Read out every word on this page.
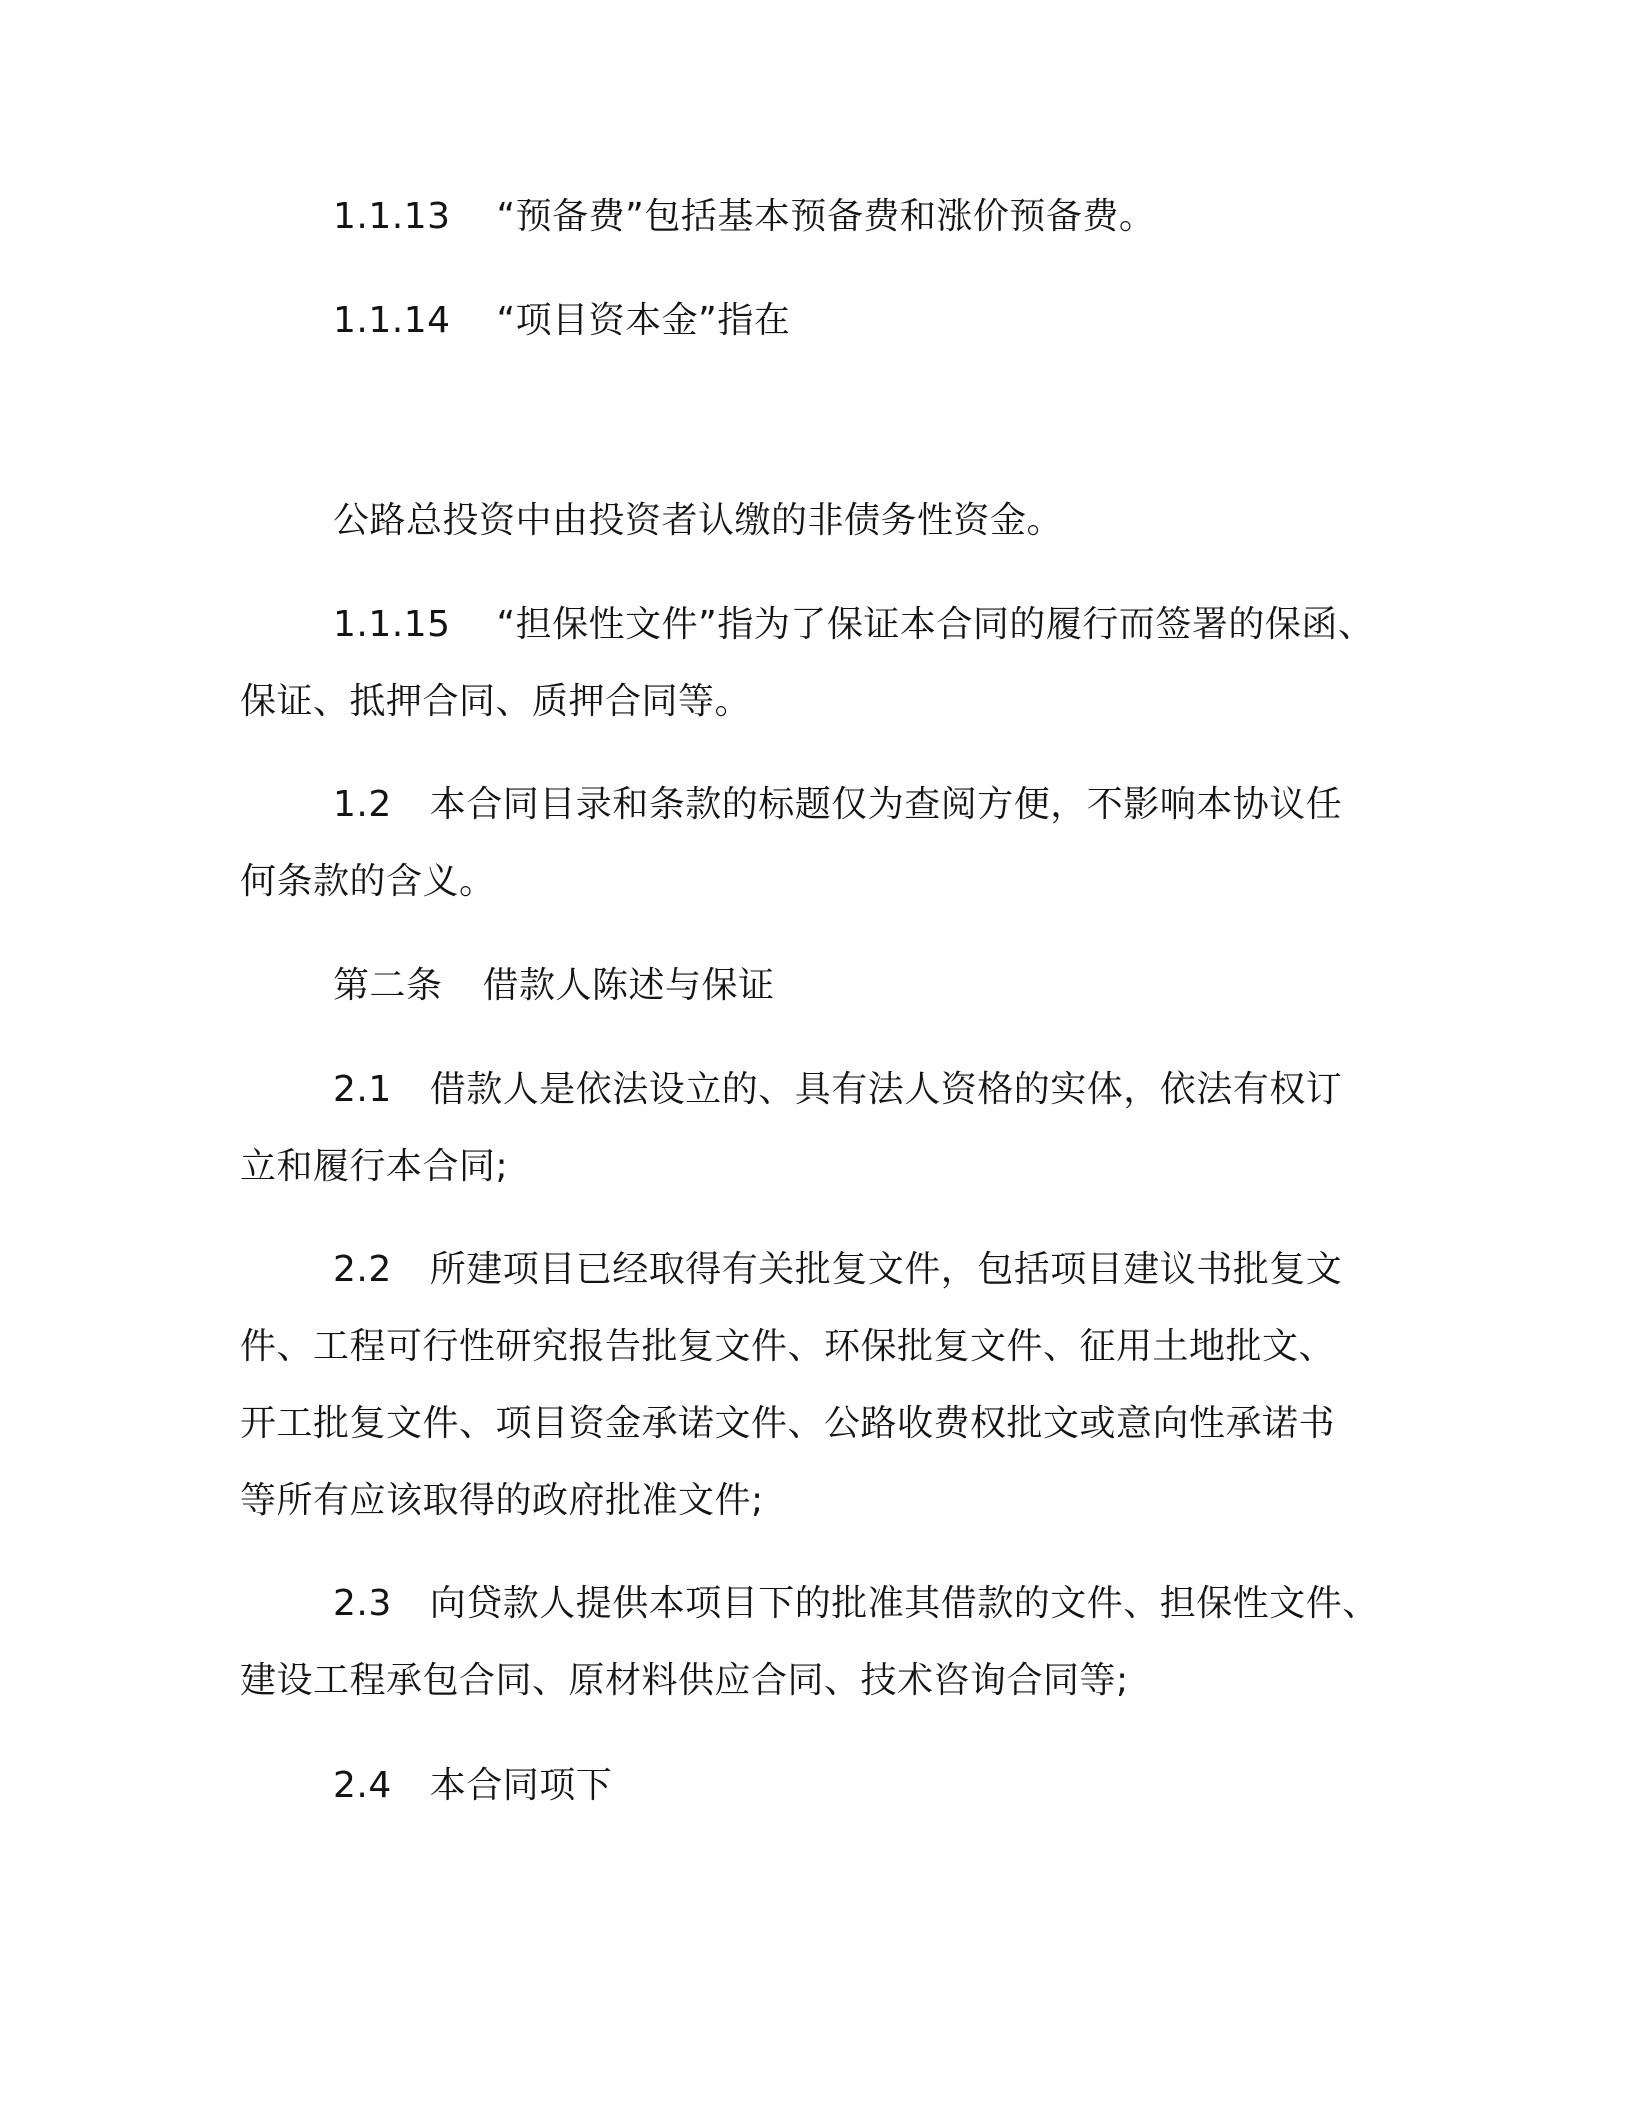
1.1.13 “预备费”包括基本预备费和涨价预备费。
1.1.14 “项目资本金”指在
公路总投资中由投资者认缴的非债务性资金。
1.1.15 “担保性文件”指为了保证本合同的履行而签署的保函、
保证、抵押合同、质押合同等。
1.2 本合同目录和条款的标题仅为查阅方便，不影响本协议任
何条款的含义。
第二条 借款人陈述与保证
2.1 借款人是依法设立的、具有法人资格的实体，依法有权订
立和履行本合同;
2.2 所建项目已经取得有关批复文件，包括项目建议书批复文
件、工程可行性研究报告批复文件、环保批复文件、征用土地批文、
开工批复文件、项目资金承诺文件、公路收费权批文或意向性承诺书
等所有应该取得的政府批准文件;
2.3 向贷款人提供本项目下的批准其借款的文件、担保性文件、
建设工程承包合同、原材料供应合同、技术咨询合同等;
2.4 本合同项下
